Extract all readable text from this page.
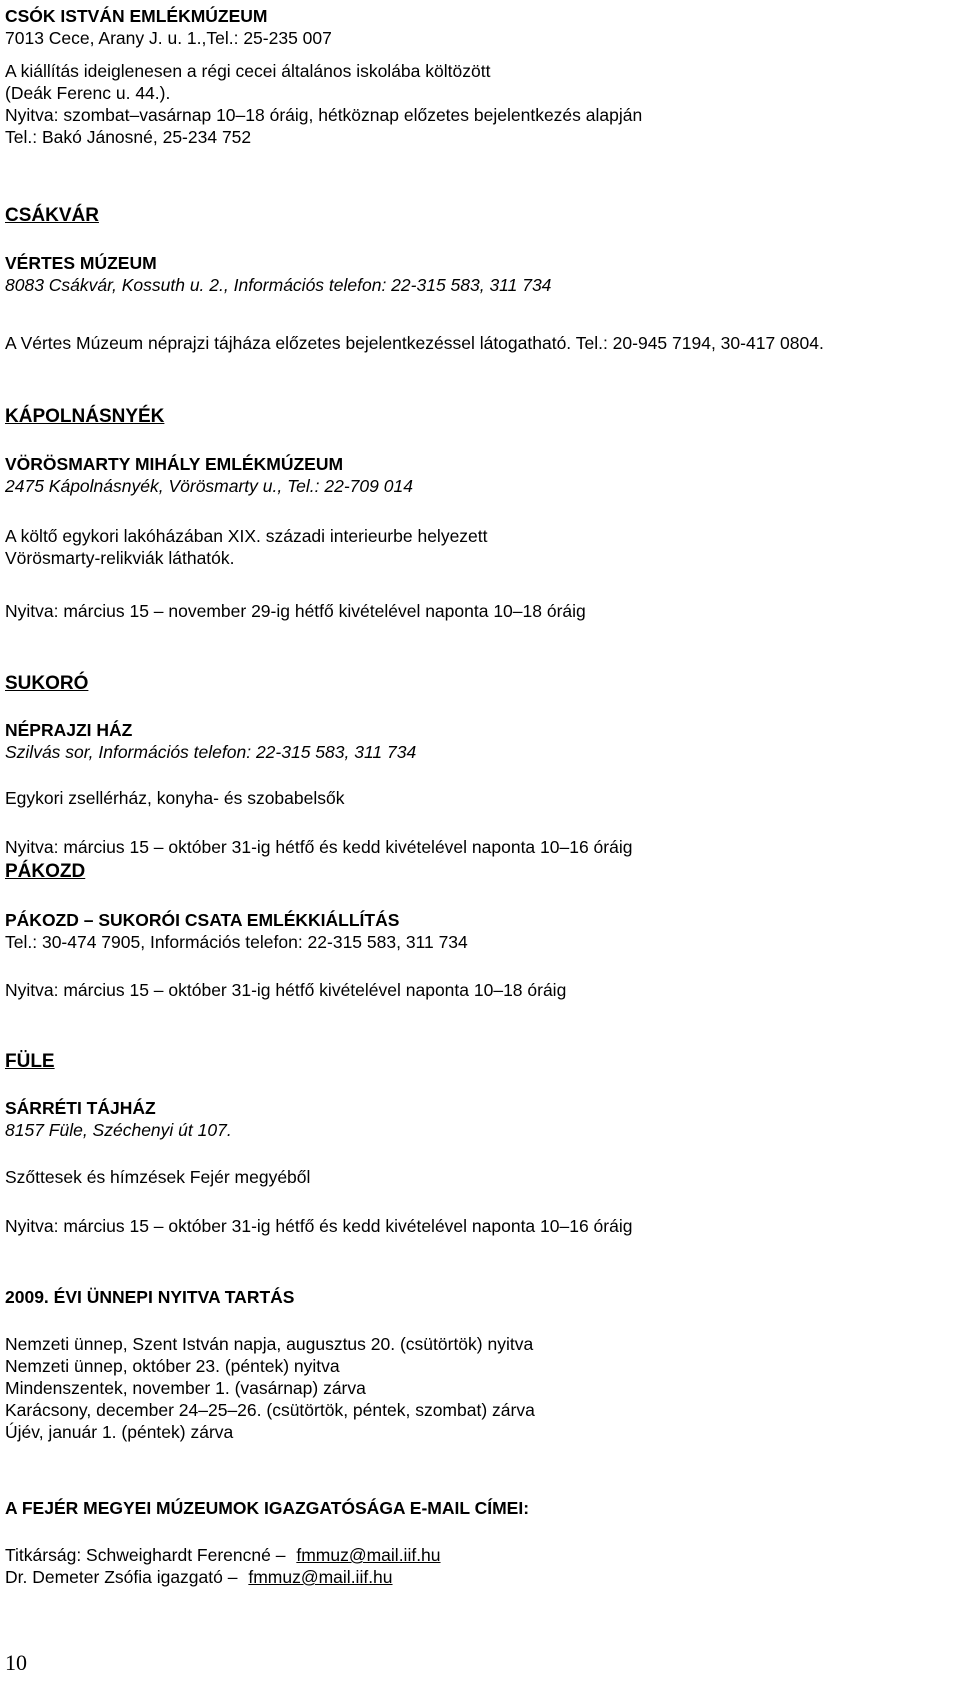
CSÓK ISTVÁN EMLÉKMÚZEUM
7013 Cece, Arany J. u. 1.,Tel.: 25-235 007
A kiállítás ideiglenesen a régi cecei általános iskolába költözött
(Deák Ferenc u. 44.).
Nyitva: szombat–vasárnap 10–18 óráig, hétköznap előzetes bejelentkezés alapján
Tel.: Bakó Jánosné, 25-234 752
CSÁKVÁR
VÉRTES MÚZEUM
8083 Csákvár, Kossuth u. 2., Információs telefon: 22-315 583, 311 734
A Vértes Múzeum néprajzi tájháza előzetes bejelentkezéssel látogatható. Tel.: 20-945 7194, 30-417 0804.
KÁPOLNÁSNYÉK
VÖRÖSMARTY MIHÁLY EMLÉKMÚZEUM
2475 Kápolnásnyék, Vörösmarty u., Tel.: 22-709 014
A költő egykori lakóházában XIX. századi interieurbe helyezett
Vörösmarty-relikviák láthatók.
Nyitva: március 15 – november 29-ig hétfő kivételével naponta 10–18 óráig
SUKORÓ
NÉPRAJZI HÁZ
Szilvás sor, Információs telefon: 22-315 583, 311 734
Egykori zsellérház, konyha- és szobabelsők
Nyitva: március 15 – október 31-ig hétfő és kedd kivételével naponta 10–16 óráig
PÁKOZD
PÁKOZD – SUKORÓI CSATA EMLÉKKIÁLLÍTÁS
Tel.: 30-474 7905, Információs telefon: 22-315 583, 311 734
Nyitva: március 15 – október 31-ig hétfő kivételével naponta 10–18 óráig
FÜLE
SÁRRÉTI TÁJHÁZ
8157 Füle, Széchenyi út 107.
Szőttesek és hímzések Fejér megyéből
Nyitva: március 15 – október 31-ig hétfő és kedd kivételével naponta 10–16 óráig
2009. ÉVI ÜNNEPI NYITVA TARTÁS
Nemzeti ünnep, Szent István napja, augusztus 20. (csütörtök) nyitva
Nemzeti ünnep, október 23. (péntek) nyitva
Mindenszentek, november 1. (vasárnap) zárva
Karácsony, december 24–25–26. (csütörtök, péntek, szombat) zárva
Újév, január 1. (péntek) zárva
A FEJÉR MEGYEI MÚZEUMOK IGAZGATÓSÁGA E-MAIL CÍMEI:
Titkárság: Schweighardt Ferencné – fmmuz@mail.iif.hu
Dr. Demeter Zsófia igazgató – fmmuz@mail.iif.hu
10
